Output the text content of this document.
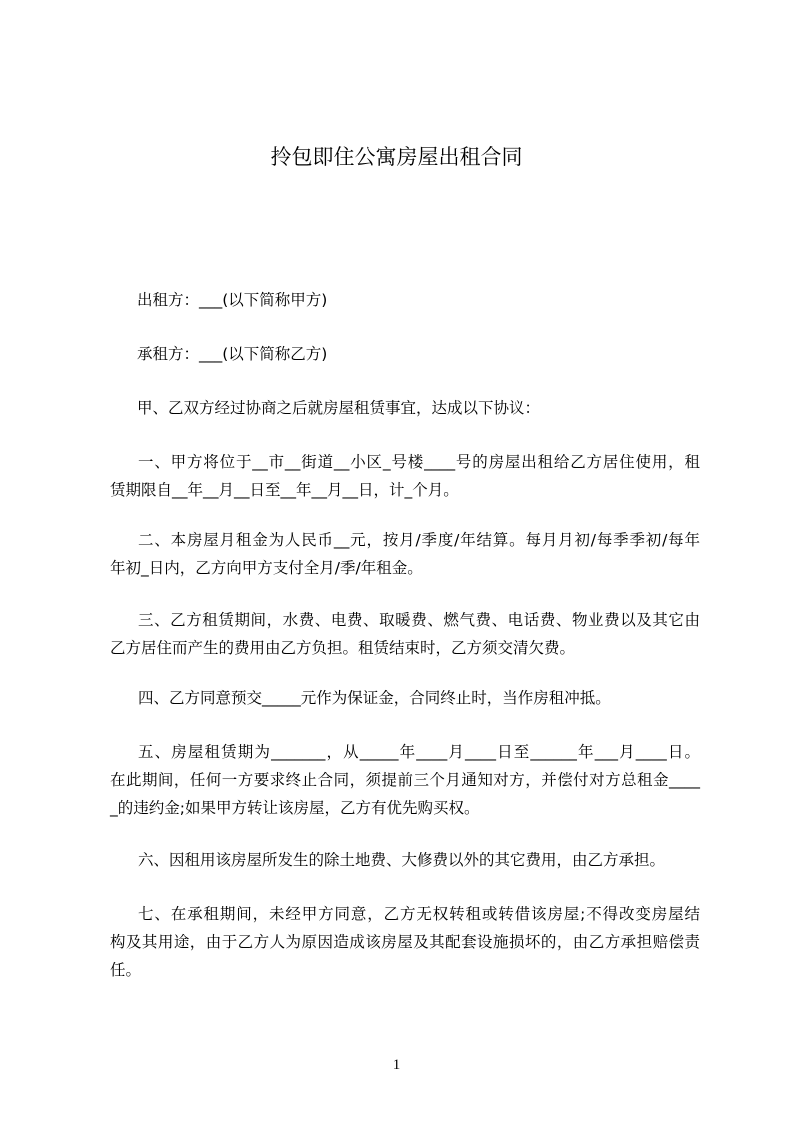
拎包即住公寓房屋出租合同
出租方：___(以下简称甲方)
承租方：___(以下简称乙方)
甲、乙双方经过协商之后就房屋租赁事宜，达成以下协议：
一、甲方将位于__市__街道__小区_号楼____号的房屋出租给乙方居住使用，租
赁期限自__年__月__日至__年__月__日，计_个月。
二、本房屋月租金为人民币__元，按月/季度/年结算。每月月初/每季季初/每年
年初_日内，乙方向甲方支付全月/季/年租金。
三、乙方租赁期间，水费、电费、取暖费、燃气费、电话费、物业费以及其它由
乙方居住而产生的费用由乙方负担。租赁结束时，乙方须交清欠费。
四、乙方同意预交_____元作为保证金，合同终止时，当作房租冲抵。
五、房屋租赁期为_______，从_____年____月____日至______年___月____日。
在此期间，任何一方要求终止合同，须提前三个月通知对方，并偿付对方总租金____
_的违约金;如果甲方转让该房屋，乙方有优先购买权。
六、因租用该房屋所发生的除土地费、大修费以外的其它费用，由乙方承担。
七、在承租期间，未经甲方同意，乙方无权转租或转借该房屋;不得改变房屋结
构及其用途，由于乙方人为原因造成该房屋及其配套设施损坏的，由乙方承担赔偿责
任。
1
